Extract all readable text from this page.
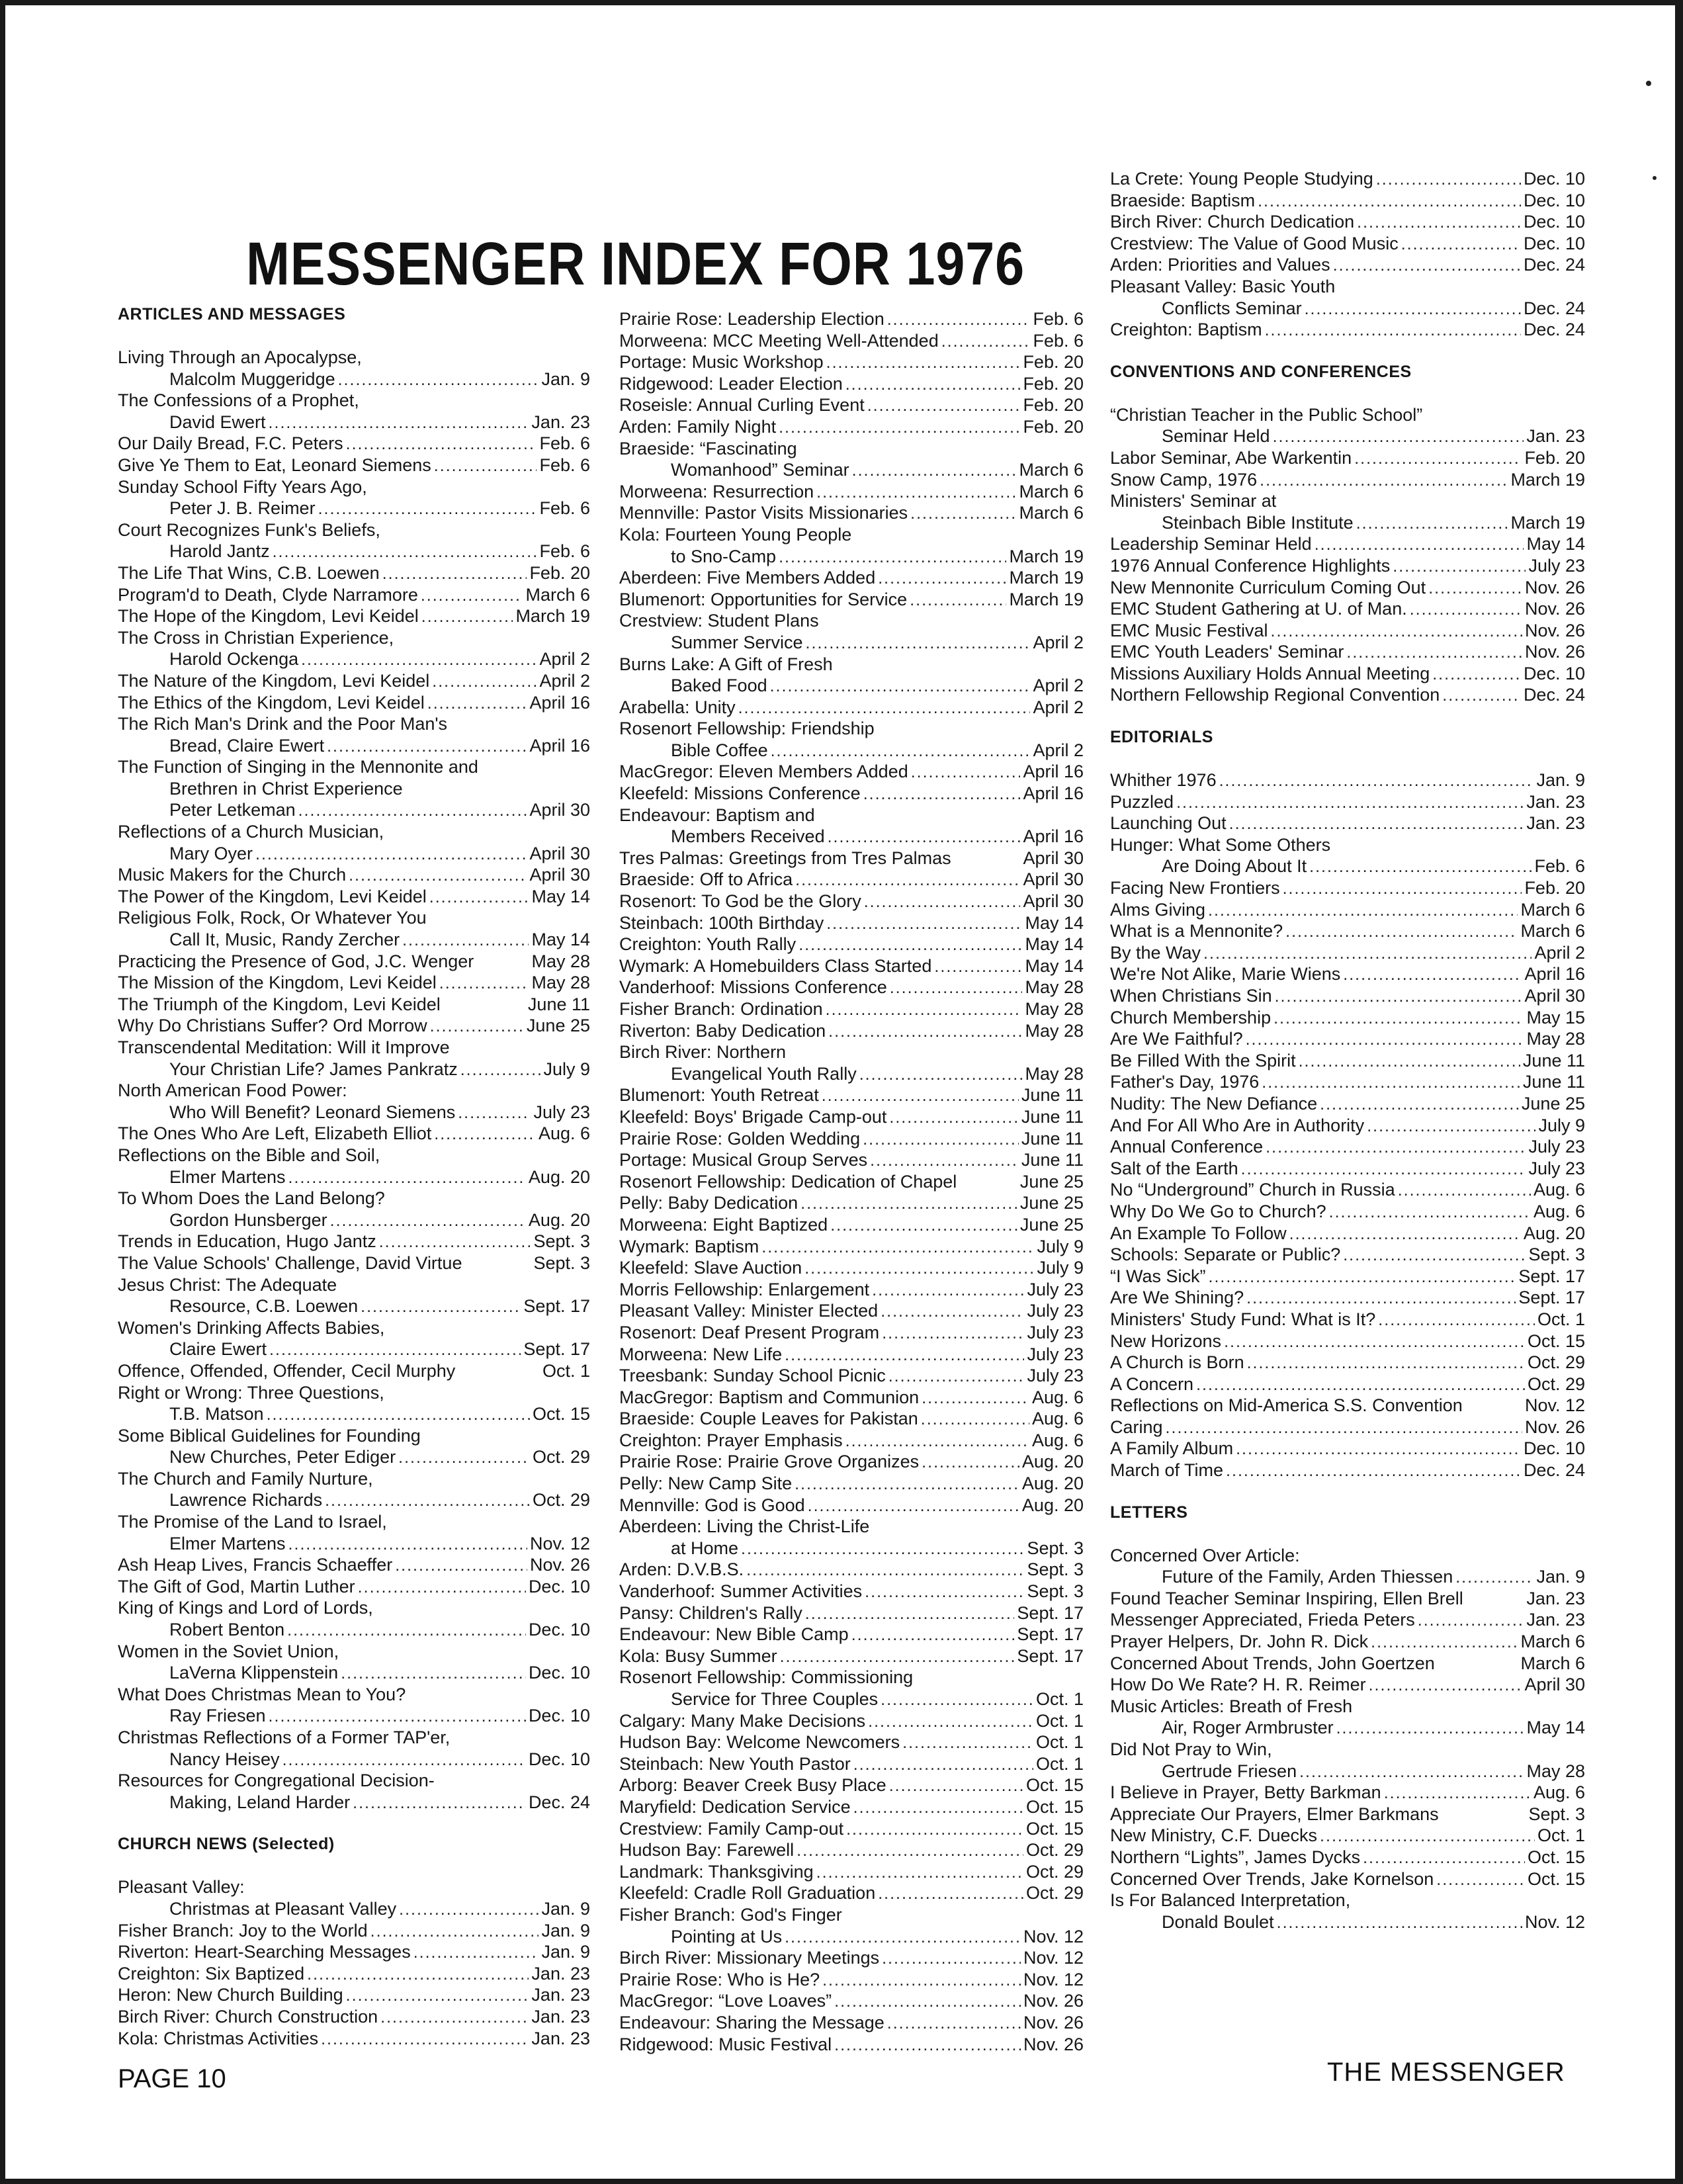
MESSENGER INDEX FOR 1976
ARTICLES AND MESSAGES
Living Through an Apocalypse,
Malcolm Muggeridge .....	Jan. 9
The Confessions of a Prophet,
David Ewert .....	Jan. 23
Our Daily Bread, F.C. Peters .....	Feb. 6
Give Ye Them to Eat, Leonard Siemens .....	Feb. 6
Sunday School Fifty Years Ago,
Peter J. B. Reimer .....	Feb. 6
Court Recognizes Funk's Beliefs,
Harold Jantz .....	Feb. 6
The Life That Wins, C.B. Loewen .....	Feb. 20
Program'd to Death, Clyde Narramore .....	March 6
The Hope of the Kingdom, Levi Keidel .....	March 19
The Cross in Christian Experience,
Harold Ockenga .....	April 2
The Nature of the Kingdom, Levi Keidel .....	April 2
The Ethics of the Kingdom, Levi Keidel .....	April 16
The Rich Man's Drink and the Poor Man's
Bread, Claire Ewert .....	April 16
The Function of Singing in the Mennonite and
Brethren in Christ Experience
Peter Letkeman .....	April 30
Reflections of a Church Musician,
Mary Oyer .....	April 30
Music Makers for the Church .....	April 30
The Power of the Kingdom, Levi Keidel .....	May 14
Religious Folk, Rock, Or Whatever You
Call It, Music, Randy Zercher .....	May 14
Practicing the Presence of God, J.C. Wenger	May 28
The Mission of the Kingdom, Levi Keidel .....	May 28
The Triumph of the Kingdom, Levi Keidel	June 11
Why Do Christians Suffer? Ord Morrow .....	June 25
Transcendental Meditation: Will it Improve
Your Christian Life? James Pankratz .....	July 9
North American Food Power:
Who Will Benefit? Leonard Siemens .....	July 23
The Ones Who Are Left, Elizabeth Elliot .....	Aug. 6
Reflections on the Bible and Soil,
Elmer Martens .....	Aug. 20
To Whom Does the Land Belong?
Gordon Hunsberger .....	Aug. 20
Trends in Education, Hugo Jantz .....	Sept. 3
The Value Schools' Challenge, David Virtue	Sept. 3
Jesus Christ: The Adequate
Resource, C.B. Loewen .....	Sept. 17
Women's Drinking Affects Babies,
Claire Ewert .....	Sept. 17
Offence, Offended, Offender, Cecil Murphy	Oct. 1
Right or Wrong: Three Questions,
T.B. Matson .....	Oct. 15
Some Biblical Guidelines for Founding
New Churches, Peter Ediger .....	Oct. 29
The Church and Family Nurture,
Lawrence Richards .....	Oct. 29
The Promise of the Land to Israel,
Elmer Martens .....	Nov. 12
Ash Heap Lives, Francis Schaeffer .....	Nov. 26
The Gift of God, Martin Luther .....	Dec. 10
King of Kings and Lord of Lords,
Robert Benton .....	Dec. 10
Women in the Soviet Union,
LaVerna Klippenstein .....	Dec. 10
What Does Christmas Mean to You?
Ray Friesen .....	Dec. 10
Christmas Reflections of a Former TAP'er,
Nancy Heisey .....	Dec. 10
Resources for Congregational Decision-
Making, Leland Harder .....	Dec. 24
CHURCH NEWS (Selected)
Pleasant Valley:
Christmas at Pleasant Valley .....	Jan. 9
Fisher Branch: Joy to the World .....	Jan. 9
Riverton: Heart-Searching Messages .....	Jan. 9
Creighton: Six Baptized .....	Jan. 23
Heron: New Church Building .....	Jan. 23
Birch River: Church Construction .....	Jan. 23
Kola: Christmas Activities .....	Jan. 23
Prairie Rose: Leadership Election .....	Feb. 6
Morweena: MCC Meeting Well-Attended .....	Feb. 6
Portage: Music Workshop .....	Feb. 20
Ridgewood: Leader Election .....	Feb. 20
Roseisle: Annual Curling Event .....	Feb. 20
Arden: Family Night .....	Feb. 20
Braeside: “Fascinating
Womanhood” Seminar .....	March 6
Morweena: Resurrection .....	March 6
Mennville: Pastor Visits Missionaries .....	March 6
Kola: Fourteen Young People
to Sno-Camp .....	March 19
Aberdeen: Five Members Added .....	March 19
Blumenort: Opportunities for Service .....	March 19
Crestview: Student Plans
Summer Service .....	April 2
Burns Lake: A Gift of Fresh
Baked Food .....	April 2
Arabella: Unity .....	April 2
Rosenort Fellowship: Friendship
Bible Coffee .....	April 2
MacGregor: Eleven Members Added .....	April 16
Kleefeld: Missions Conference .....	April 16
Endeavour: Baptism and
Members Received .....	April 16
Tres Palmas: Greetings from Tres Palmas	April 30
Braeside: Off to Africa .....	April 30
Rosenort: To God be the Glory .....	April 30
Steinbach: 100th Birthday .....	May 14
Creighton: Youth Rally .....	May 14
Wymark: A Homebuilders Class Started .....	May 14
Vanderhoof: Missions Conference .....	May 28
Fisher Branch: Ordination .....	May 28
Riverton: Baby Dedication .....	May 28
Birch River: Northern
Evangelical Youth Rally .....	May 28
Blumenort: Youth Retreat .....	June 11
Kleefeld: Boys' Brigade Camp-out .....	June 11
Prairie Rose: Golden Wedding .....	June 11
Portage: Musical Group Serves .....	June 11
Rosenort Fellowship: Dedication of Chapel	June 25
Pelly: Baby Dedication .....	June 25
Morweena: Eight Baptized .....	June 25
Wymark: Baptism .....	July 9
Kleefeld: Slave Auction .....	July 9
Morris Fellowship: Enlargement .....	July 23
Pleasant Valley: Minister Elected .....	July 23
Rosenort: Deaf Present Program .....	July 23
Morweena: New Life .....	July 23
Treesbank: Sunday School Picnic .....	July 23
MacGregor: Baptism and Communion .....	Aug. 6
Braeside: Couple Leaves for Pakistan .....	Aug. 6
Creighton: Prayer Emphasis .....	Aug. 6
Prairie Rose: Prairie Grove Organizes .....	Aug. 20
Pelly: New Camp Site .....	Aug. 20
Mennville: God is Good .....	Aug. 20
Aberdeen: Living the Christ-Life
at Home .....	Sept. 3
Arden: D.V.B.S. .....	Sept. 3
Vanderhoof: Summer Activities .....	Sept. 3
Pansy: Children's Rally .....	Sept. 17
Endeavour: New Bible Camp .....	Sept. 17
Kola: Busy Summer .....	Sept. 17
Rosenort Fellowship: Commissioning
Service for Three Couples .....	Oct. 1
Calgary: Many Make Decisions .....	Oct. 1
Hudson Bay: Welcome Newcomers .....	Oct. 1
Steinbach: New Youth Pastor .....	Oct. 1
Arborg: Beaver Creek Busy Place .....	Oct. 15
Maryfield: Dedication Service .....	Oct. 15
Crestview: Family Camp-out .....	Oct. 15
Hudson Bay: Farewell .....	Oct. 29
Landmark: Thanksgiving .....	Oct. 29
Kleefeld: Cradle Roll Graduation .....	Oct. 29
Fisher Branch: God's Finger
Pointing at Us .....	Nov. 12
Birch River: Missionary Meetings .....	Nov. 12
Prairie Rose: Who is He? .....	Nov. 12
MacGregor: “Love Loaves” .....	Nov. 26
Endeavour: Sharing the Message .....	Nov. 26
Ridgewood: Music Festival .....	Nov. 26
La Crete: Young People Studying .....	Dec. 10
Braeside: Baptism .....	Dec. 10
Birch River: Church Dedication .....	Dec. 10
Crestview: The Value of Good Music .....	Dec. 10
Arden: Priorities and Values .....	Dec. 24
Pleasant Valley: Basic Youth
Conflicts Seminar .....	Dec. 24
Creighton: Baptism .....	Dec. 24
CONVENTIONS AND CONFERENCES
“Christian Teacher in the Public School”
Seminar Held .....	Jan. 23
Labor Seminar, Abe Warkentin .....	Feb. 20
Snow Camp, 1976 .....	March 19
Ministers' Seminar at
Steinbach Bible Institute .....	March 19
Leadership Seminar Held .....	May 14
1976 Annual Conference Highlights .....	July 23
New Mennonite Curriculum Coming Out .....	Nov. 26
EMC Student Gathering at U. of Man. .....	Nov. 26
EMC Music Festival .....	Nov. 26
EMC Youth Leaders' Seminar .....	Nov. 26
Missions Auxiliary Holds Annual Meeting .....	Dec. 10
Northern Fellowship Regional Convention .....	Dec. 24
EDITORIALS
Whither 1976 .....	Jan. 9
Puzzled .....	Jan. 23
Launching Out .....	Jan. 23
Hunger: What Some Others
Are Doing About It .....	Feb. 6
Facing New Frontiers .....	Feb. 20
Alms Giving .....	March 6
What is a Mennonite? .....	March 6
By the Way .....	April 2
We're Not Alike, Marie Wiens .....	April 16
When Christians Sin .....	April 30
Church Membership .....	May 15
Are We Faithful? .....	May 28
Be Filled With the Spirit .....	June 11
Father's Day, 1976 .....	June 11
Nudity: The New Defiance .....	June 25
And For All Who Are in Authority .....	July 9
Annual Conference .....	July 23
Salt of the Earth .....	July 23
No “Underground” Church in Russia .....	Aug. 6
Why Do We Go to Church? .....	Aug. 6
An Example To Follow .....	Aug. 20
Schools: Separate or Public? .....	Sept. 3
“I Was Sick” .....	Sept. 17
Are We Shining? .....	Sept. 17
Ministers' Study Fund: What is It? .....	Oct. 1
New Horizons .....	Oct. 15
A Church is Born .....	Oct. 29
A Concern .....	Oct. 29
Reflections on Mid-America S.S. Convention	Nov. 12
Caring .....	Nov. 26
A Family Album .....	Dec. 10
March of Time .....	Dec. 24
LETTERS
Concerned Over Article:
Future of the Family, Arden Thiessen .....	Jan. 9
Found Teacher Seminar Inspiring, Ellen Brell	Jan. 23
Messenger Appreciated, Frieda Peters .....	Jan. 23
Prayer Helpers, Dr. John R. Dick .....	March 6
Concerned About Trends, John Goertzen	March 6
How Do We Rate? H. R. Reimer .....	April 30
Music Articles: Breath of Fresh
Air, Roger Armbruster .....	May 14
Did Not Pray to Win,
Gertrude Friesen .....	May 28
I Believe in Prayer, Betty Barkman .....	Aug. 6
Appreciate Our Prayers, Elmer Barkmans	Sept. 3
New Ministry, C.F. Duecks .....	Oct. 1
Northern “Lights”, James Dycks .....	Oct. 15
Concerned Over Trends, Jake Kornelson .....	Oct. 15
Is For Balanced Interpretation,
Donald Boulet .....	Nov. 12
PAGE 10	THE MESSENGER
